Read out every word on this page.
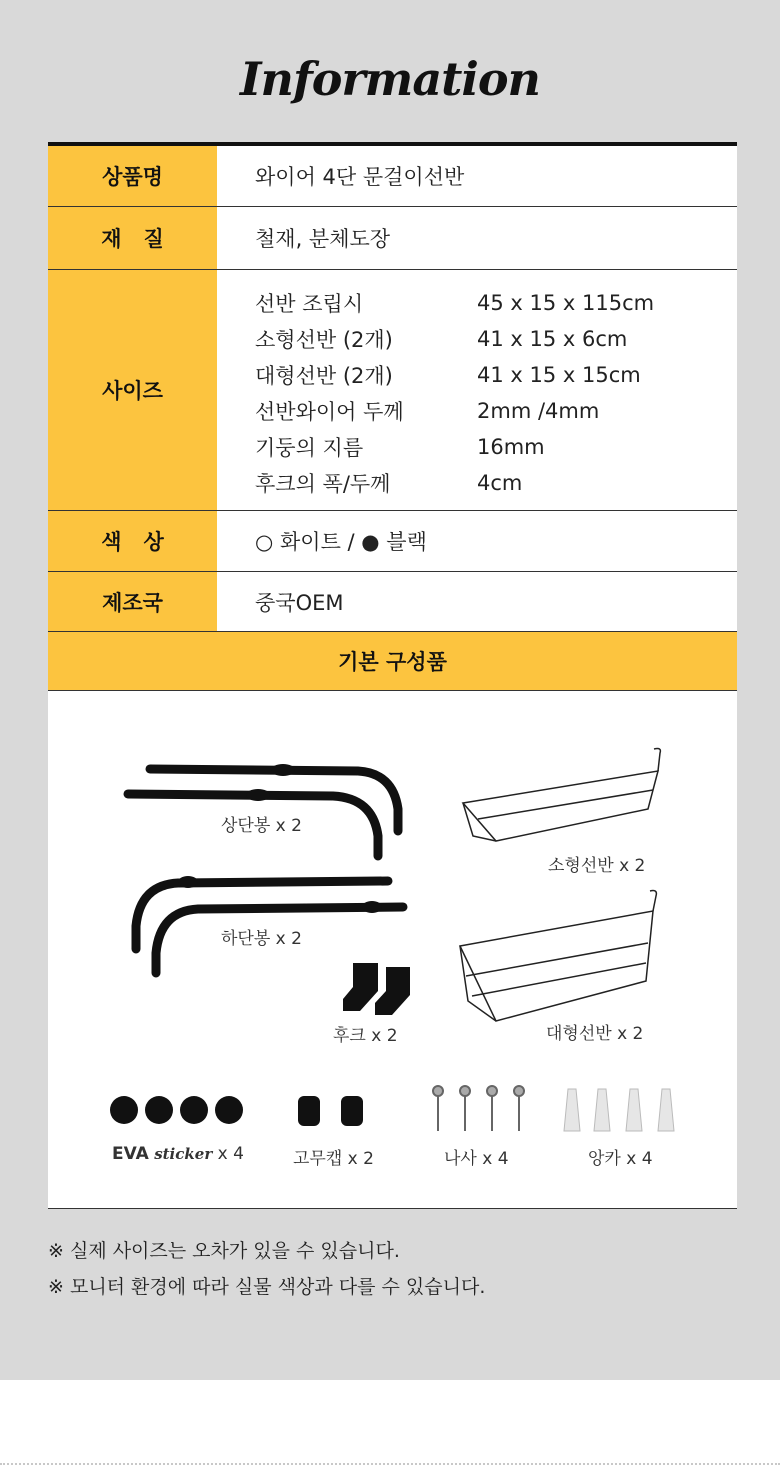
Information
상품명	와이어 4단 문걸이선반
재 질	철재, 분체도장
사이즈
선반 조립시	45 x 15 x 115cm
소형선반 (2개)	41 x 15 x 6cm
대형선반 (2개)	41 x 15 x 15cm
선반와이어 두께	2mm /4mm
기둥의 지름	16mm
후크의 폭/두께	4cm
색 상	○ 화이트 / ● 블랙
제조국	중국OEM
기본 구성품
상단봉 x 2
하단봉 x 2
후크 x 2
소형선반 x 2
대형선반 x 2
EVA sticker x 4	고무캡 x 2	나사 x 4	앙카 x 4
※ 실제 사이즈는 오차가 있을 수 있습니다.
※ 모니터 환경에 따라 실물 색상과 다를 수 있습니다.
